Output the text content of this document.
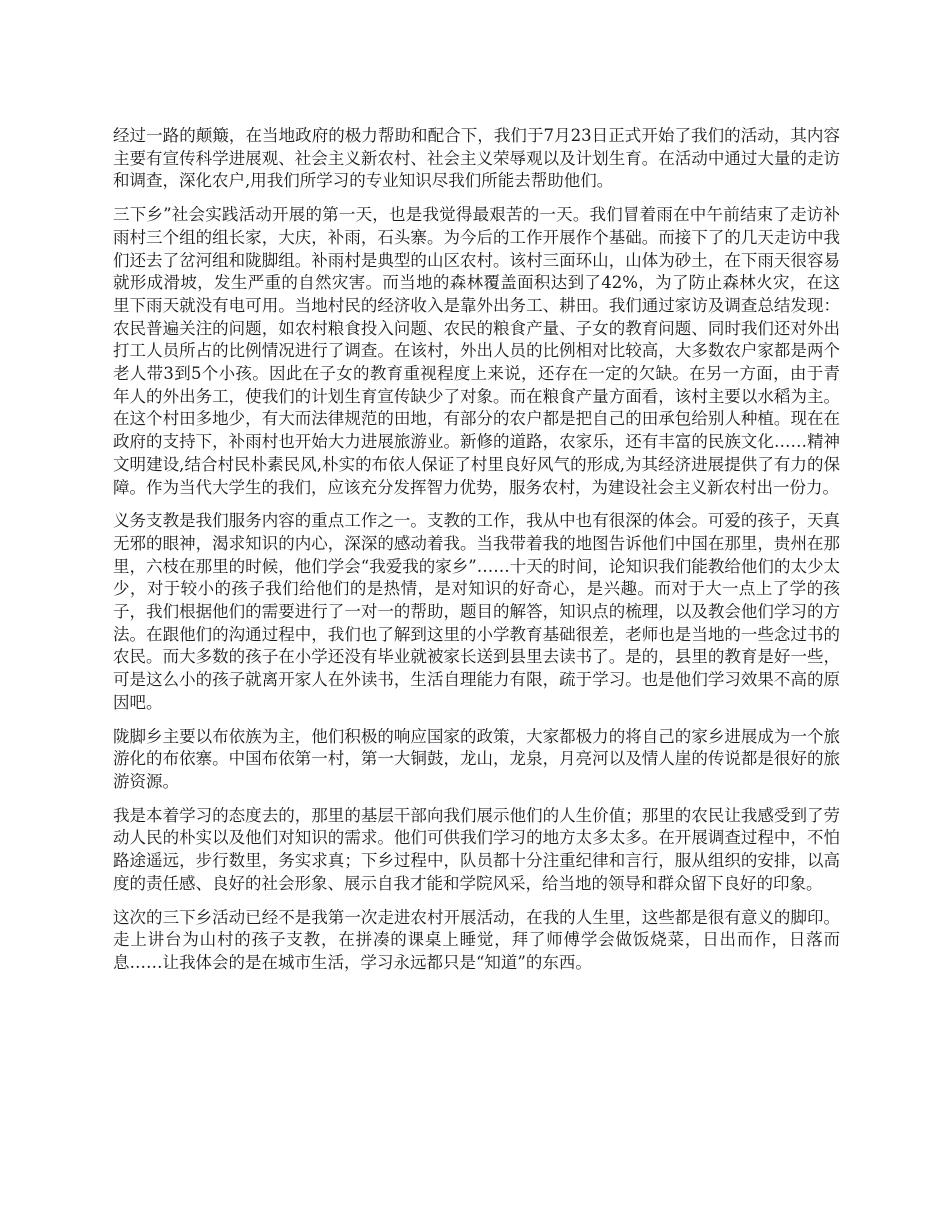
经过一路的颠簸，在当地政府的极力帮助和配合下，我们于7月23日正式开始了我们的活动，其内容主要有宣传科学进展观、社会主义新农村、社会主义荣辱观以及计划生育。在活动中通过大量的走访和调查，深化农户,用我们所学习的专业知识尽我们所能去帮助他们。

三下乡”社会实践活动开展的第一天，也是我觉得最艰苦的一天。我们冒着雨在中午前结束了走访补雨村三个组的组长家，大庆，补雨，石头寨。为今后的工作开展作个基础。而接下了的几天走访中我们还去了岔河组和陇脚组。补雨村是典型的山区农村。该村三面环山，山体为砂土，在下雨天很容易就形成滑坡，发生严重的自然灾害。而当地的森林覆盖面积达到了42%，为了防止森林火灾，在这里下雨天就没有电可用。当地村民的经济收入是靠外出务工、耕田。我们通过家访及调查总结发现：农民普遍关注的问题，如农村粮食投入问题、农民的粮食产量、子女的教育问题、同时我们还对外出打工人员所占的比例情况进行了调查。在该村，外出人员的比例相对比较高，大多数农户家都是两个老人带3到5个小孩。因此在子女的教育重视程度上来说，还存在一定的欠缺。在另一方面，由于青年人的外出务工，使我们的计划生育宣传缺少了对象。而在粮食产量方面看，该村主要以水稻为主。在这个村田多地少，有大而法律规范的田地，有部分的农户都是把自己的田承包给别人种植。现在在政府的支持下，补雨村也开始大力进展旅游业。新修的道路，农家乐，还有丰富的民族文化……精神文明建设,结合村民朴素民风,朴实的布依人保证了村里良好风气的形成,为其经济进展提供了有力的保障。作为当代大学生的我们，应该充分发挥智力优势，服务农村，为建设社会主义新农村出一份力。

义务支教是我们服务内容的重点工作之一。支教的工作，我从中也有很深的体会。可爱的孩子，天真无邪的眼神，渴求知识的内心，深深的感动着我。当我带着我的地图告诉他们中国在那里，贵州在那里，六枝在那里的时候，他们学会“我爱我的家乡”……十天的时间，论知识我们能教给他们的太少太少，对于较小的孩子我们给他们的是热情，是对知识的好奇心，是兴趣。而对于大一点上了学的孩子，我们根据他们的需要进行了一对一的帮助，题目的解答，知识点的梳理，以及教会他们学习的方法。在跟他们的沟通过程中，我们也了解到这里的小学教育基础很差，老师也是当地的一些念过书的农民。而大多数的孩子在小学还没有毕业就被家长送到县里去读书了。是的，县里的教育是好一些，可是这么小的孩子就离开家人在外读书，生活自理能力有限，疏于学习。也是他们学习效果不高的原因吧。

陇脚乡主要以布依族为主，他们积极的响应国家的政策，大家都极力的将自己的家乡进展成为一个旅游化的布依寨。中国布依第一村，第一大铜鼓，龙山，龙泉，月亮河以及情人崖的传说都是很好的旅游资源。

我是本着学习的态度去的，那里的基层干部向我们展示他们的人生价值；那里的农民让我感受到了劳动人民的朴实以及他们对知识的需求。他们可供我们学习的地方太多太多。在开展调查过程中，不怕路途遥远，步行数里，务实求真；下乡过程中，队员都十分注重纪律和言行，服从组织的安排，以高度的责任感、良好的社会形象、展示自我才能和学院风采，给当地的领导和群众留下良好的印象。

这次的三下乡活动已经不是我第一次走进农村开展活动，在我的人生里，这些都是很有意义的脚印。走上讲台为山村的孩子支教，在拼凑的课桌上睡觉，拜了师傅学会做饭烧菜，日出而作，日落而息……让我体会的是在城市生活，学习永远都只是“知道”的东西。
